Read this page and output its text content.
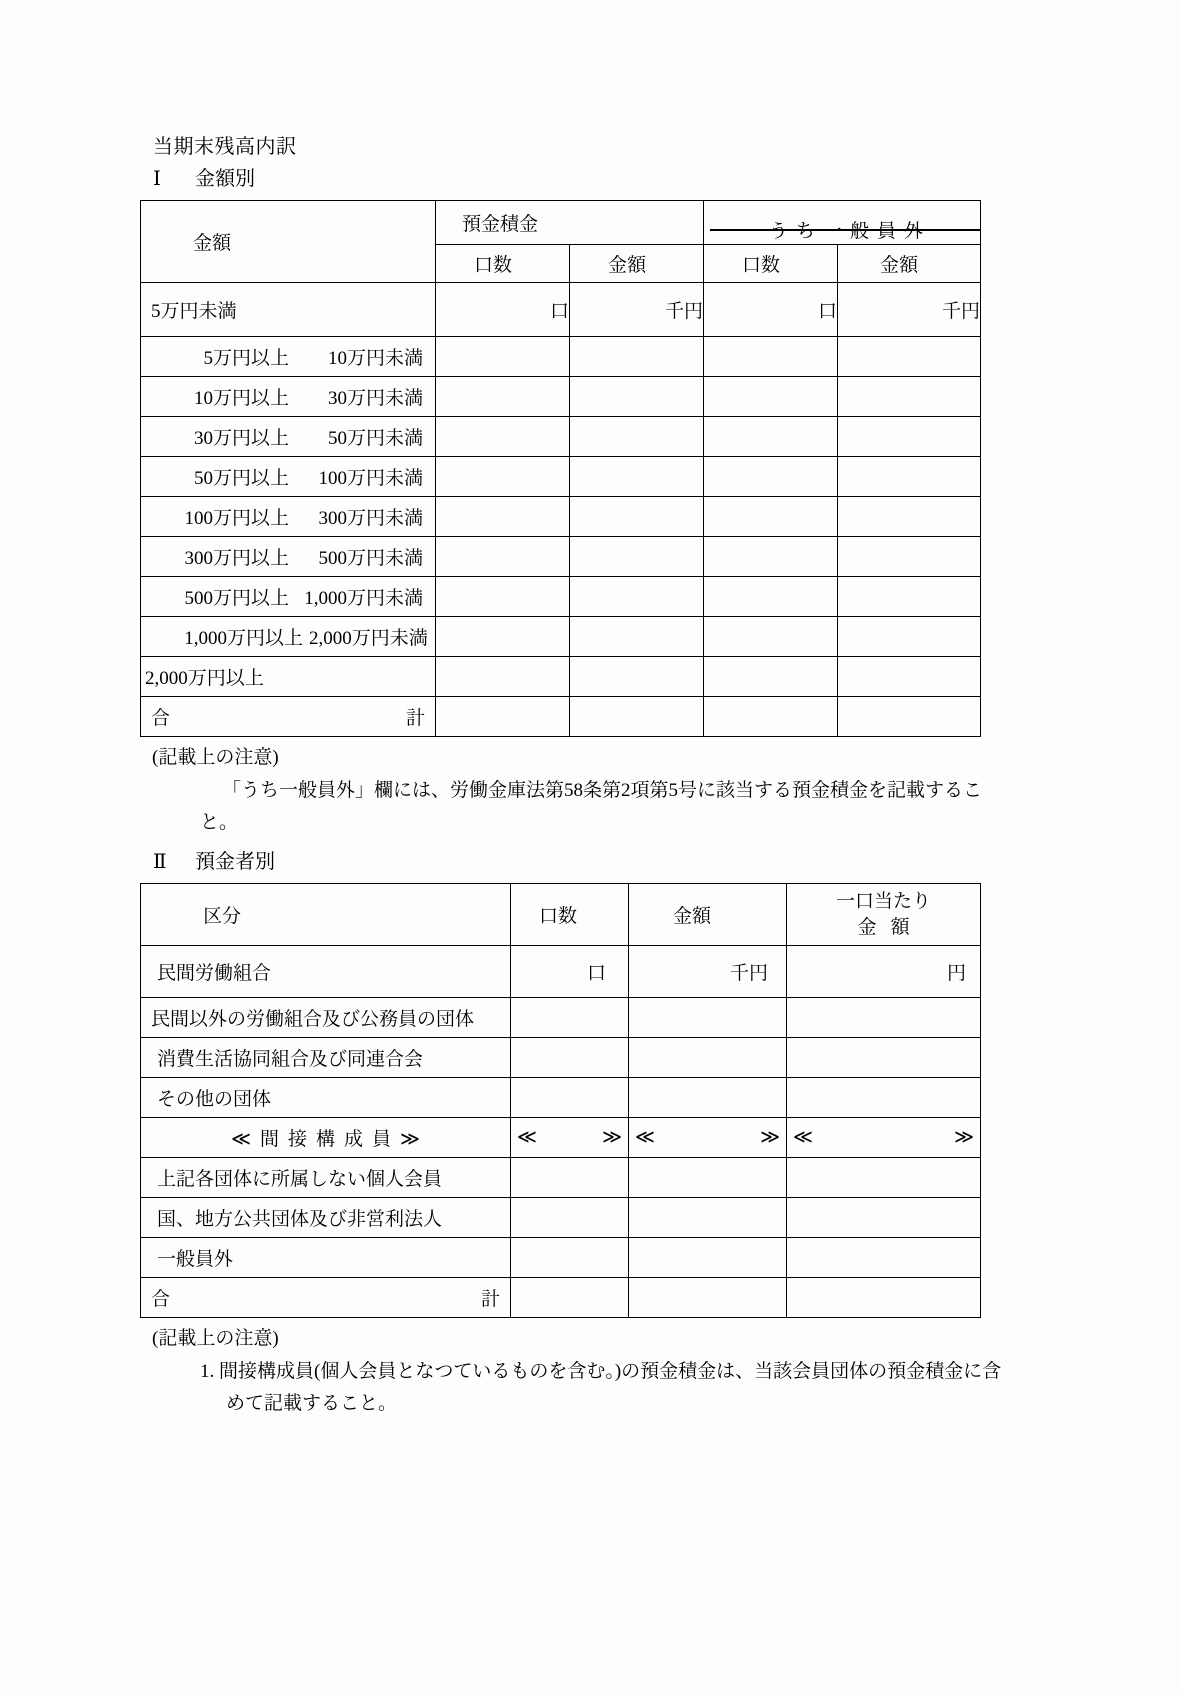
当期末残高内訳
Ⅰ 金額別
金額	預金積金		うち一般員外	

	口数	金額	口数	金額

5万円未満	口	千円	口	千円

5万円以上 10万円未満				

10万円以上 30万円未満				

30万円以上 50万円未満				

50万円以上 100万円未満				

100万円以上 300万円未満				

300万円以上 500万円未満				

500万円以上 1,000万円未満				

1,000万円以上 2,000万円未満				

2,000万円以上				

合 計				

(記載上の注意)
「うち一般員外」欄には、労働金庫法第58条第2項第5号に該当する預金積金を記載すること。
Ⅱ 預金者別
区分	口数	金額	一口当たり
金額

民間労働組合	口	千円	円

民間以外の労働組合及び公務員の団体			

消費生活協同組合及び同連合会			

その他の団体			

≪ 間接構成員≫	≪ ≫	≪ ≫	≪ ≫

上記各団体に所属しない個人会員			

国、地方公共団体及び非営利法人			

一般員外			

合 計			

(記載上の注意)
1. 間接構成員(個人会員となつているものを含む。)の預金積金は、当該会員団体の預金積金に含めて記載すること。
